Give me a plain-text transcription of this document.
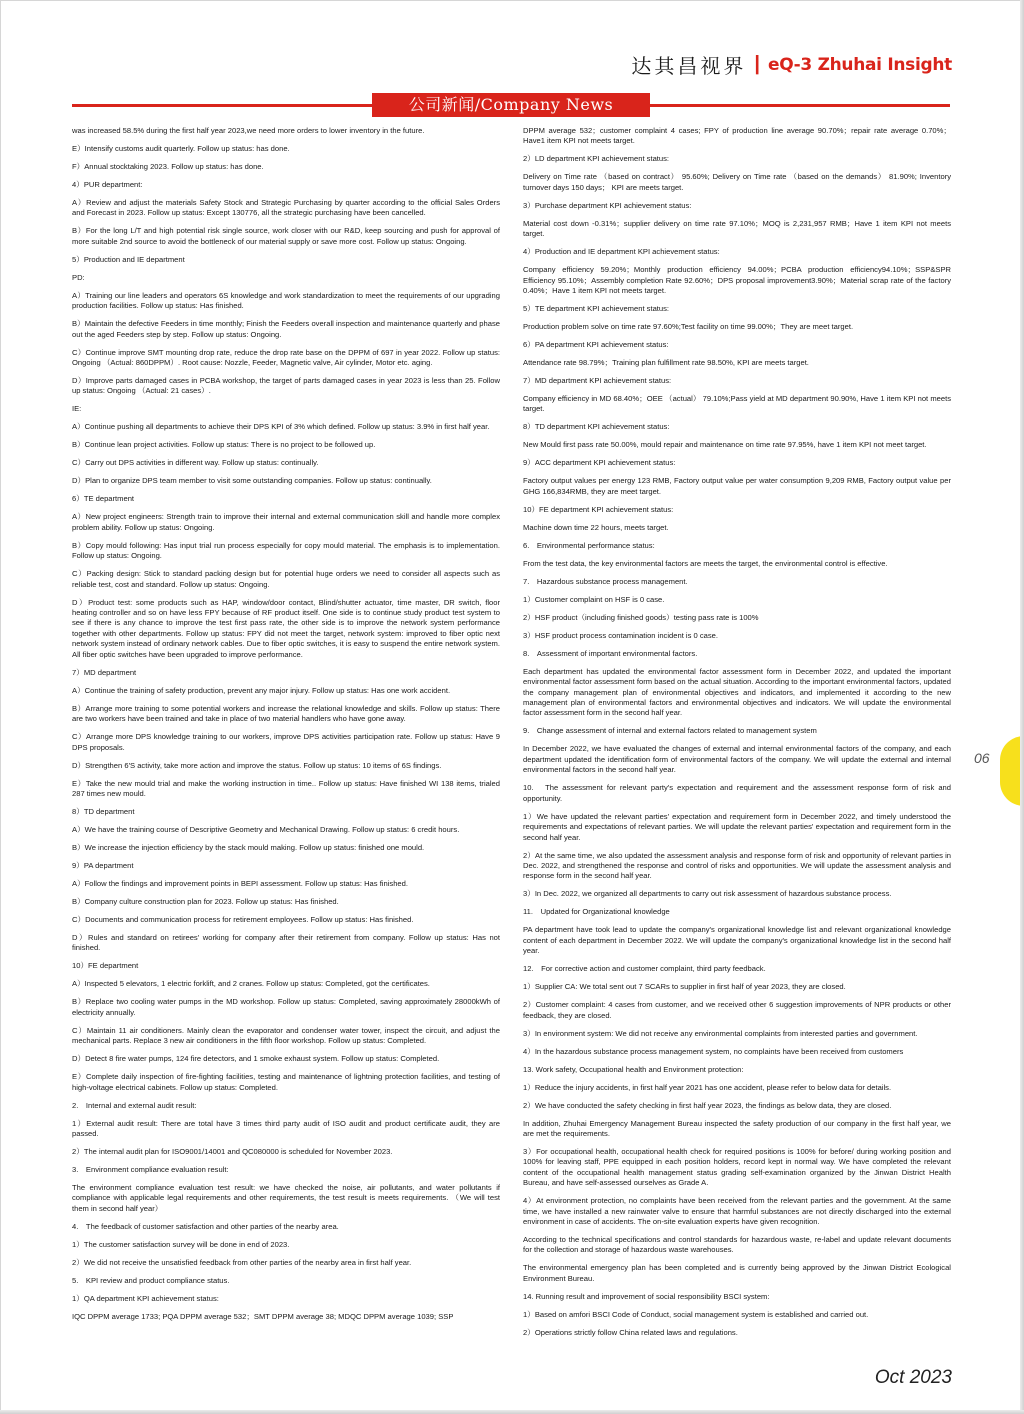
达其昌视界 | eQ-3 Zhuhai Insight
公司新闻/Company News

was increased 58.5% during the first half year 2023,we need more orders to lower inventory in the future.

E）Intensify customs audit quarterly. Follow up status: has done.

F）Annual stocktaking 2023. Follow up status: has done.

4）PUR department:

A）Review and adjust the materials Safety Stock and Strategic Purchasing by quarter according to the official Sales Orders and Forecast in 2023. Follow up status: Except 130776, all the strategic purchasing have been cancelled.

B）For the long L/T and high potential risk single source, work closer with our R&D, keep sourcing and push for approval of more suitable 2nd source to avoid the bottleneck of our material supply or save more cost. Follow up status: Ongoing.

5）Production and IE department

PD:

A）Training our line leaders and operators 6S knowledge and work standardization to meet the requirements of our upgrading production facilities. Follow up status: Has finished.

B）Maintain the defective Feeders in time monthly; Finish the Feeders overall inspection and maintenance quarterly and phase out the aged Feeders step by step. Follow up status: Ongoing.

C）Continue improve SMT mounting drop rate, reduce the drop rate base on the DPPM of 697 in year 2022. Follow up status: Ongoing （Actual: 860DPPM）. Root cause: Nozzle, Feeder, Magnetic valve, Air cylinder, Motor etc. aging.

D）Improve parts damaged cases in PCBA workshop, the target of parts damaged cases in year 2023 is less than 25. Follow up status: Ongoing （Actual: 21 cases）.

IE:

A）Continue pushing all departments to achieve their DPS KPI of 3% which defined. Follow up status: 3.9% in first half year.

B）Continue lean project activities. Follow up status: There is no project to be followed up.

C）Carry out DPS activities in different way. Follow up status: continually.

D）Plan to organize DPS team member to visit some outstanding companies. Follow up status: continually.

6）TE department

A）New project engineers: Strength train to improve their internal and external communication skill and handle more complex problem ability. Follow up status: Ongoing.

B）Copy mould following: Has input trial run process especially for copy mould material. The emphasis is to implementation. Follow up status: Ongoing.

C）Packing design: Stick to standard packing design but for potential huge orders we need to consider all aspects such as reliable test, cost and standard. Follow up status: Ongoing.

D）Product test: some products such as HAP, window/door contact, Blind/shutter actuator, time master, DR switch, floor heating controller and so on have less FPY because of RF product itself. One side is to continue study product test system to see if there is any chance to improve the test first pass rate, the other side is to improve the network system performance together with other departments. Follow up status: FPY did not meet the target, network system: improved to fiber optic next network system instead of ordinary network cables. Due to fiber optic switches, it is easy to suspend the entire network system. All fiber optic switches have been upgraded to improve performance.

7）MD department

A）Continue the training of safety production, prevent any major injury. Follow up status: Has one work accident.

B）Arrange more training to some potential workers and increase the relational knowledge and skills. Follow up status: There are two workers have been trained and take in place of two material handlers who have gone away.

C）Arrange more DPS knowledge training to our workers, improve DPS activities participation rate. Follow up status: Have 9 DPS proposals.

D）Strengthen 6'S activity, take more action and improve the status. Follow up status: 10 items of 6S findings.

E）Take the new mould trial and make the working instruction in time.. Follow up status: Have finished WI 138 items, trialed 287 times new mould.

8）TD department

A）We have the training course of Descriptive Geometry and Mechanical Drawing. Follow up status: 6 credit hours.

B）We increase the injection efficiency by the stack mould making. Follow up status: finished one mould.

9）PA department

A）Follow the findings and improvement points in BEPI assessment. Follow up status: Has finished.

B）Company culture construction plan for 2023. Follow up status: Has finished.

C）Documents and communication process for retirement employees. Follow up status: Has finished.

D）Rules and standard on retirees' working for company after their retirement from company. Follow up status: Has not finished.

10）FE department

A）Inspected 5 elevators, 1 electric forklift, and 2 cranes. Follow up status: Completed, got the certificates.

B）Replace two cooling water pumps in the MD workshop. Follow up status: Completed, saving approximately 28000kWh of electricity annually.

C）Maintain 11 air conditioners. Mainly clean the evaporator and condenser water tower, inspect the circuit, and adjust the mechanical parts. Replace 3 new air conditioners in the fifth floor workshop. Follow up status: Completed.

D）Detect 8 fire water pumps, 124 fire detectors, and 1 smoke exhaust system. Follow up status: Completed.

E）Complete daily inspection of fire-fighting facilities, testing and maintenance of lightning protection facilities, and testing of high-voltage electrical cabinets. Follow up status: Completed.

2.　Internal and external audit result:

1）External audit result: There are total have 3 times third party audit of ISO audit and product certificate audit, they are passed.

2）The internal audit plan for ISO9001/14001 and QC080000 is scheduled for November 2023.

3.　Environment compliance evaluation result:

The environment compliance evaluation test result: we have checked the noise, air pollutants, and water pollutants if compliance with applicable legal requirements and other requirements, the test result is meets requirements. （We will test them in second half year）

4.　The feedback of customer satisfaction and other parties of the nearby area.

1）The customer satisfaction survey will be done in end of 2023.

2）We did not receive the unsatisfied feedback from other parties of the nearby area in first half year.

5.　KPI review and product compliance status.

1）QA department KPI achievement status:

IQC DPPM average 1733; PQA DPPM average 532；SMT DPPM average 38; MDQC DPPM average 1039; SSP

DPPM average 532；customer complaint 4 cases; FPY of production line average 90.70%；repair rate average 0.70%；Have1 item KPI not meets target.

2）LD department KPI achievement status:

Delivery on Time rate （based on contract） 95.60%; Delivery on Time rate （based on the demands） 81.90%; Inventory turnover days 150 days； KPI are meets target.

3）Purchase department KPI achievement status:

Material cost down -0.31%；supplier delivery on time rate 97.10%；MOQ is 2,231,957 RMB；Have 1 item KPI not meets target.

4）Production and IE department KPI achievement status:

Company efficiency 59.20%；Monthly production efficiency 94.00%；PCBA production efficiency94.10%；SSP&SPR Efficiency 95.10%；Assembly completion Rate 92.60%；DPS proposal improvement3.90%；Material scrap rate of the factory 0.40%；Have 1 item KPI not meets target.

5）TE department KPI achievement status:

Production problem solve on time rate 97.60%;Test facility on time 99.00%；They are meet target.

6）PA department KPI achievement status:

Attendance rate 98.79%；Training plan fulfillment rate 98.50%, KPI are meets target.

7）MD department KPI achievement status:

Company efficiency in MD 68.40%；OEE （actual） 79.10%;Pass yield at MD department 90.90%, Have 1 item KPI not meets target.

8）TD department KPI achievement status:

New Mould first pass rate 50.00%, mould repair and maintenance on time rate 97.95%, have 1 item KPI not meet target.

9）ACC department KPI achievement status:

Factory output values per energy 123 RMB, Factory output value per water consumption 9,209 RMB, Factory output value per GHG 166,834RMB, they are meet target.

10）FE department KPI achievement status:

Machine down time 22 hours, meets target.

6.　Environmental performance status:

From the test data, the key environmental factors are meets the target, the environmental control is effective.

7.　Hazardous substance process management.

1）Customer complaint on HSF is 0 case.

2）HSF product（including finished goods）testing pass rate is 100%

3）HSF product process contamination incident is 0 case.

8.　Assessment of important environmental factors.

Each department has updated the environmental factor assessment form in December 2022, and updated the important environmental factor assessment form based on the actual situation. According to the important environmental factors, updated the company management plan of environmental objectives and indicators, and implemented it according to the new management plan of environmental factors and environmental objectives and indicators. We will update the environmental factor assessment form in the second half year.

9.　Change assessment of internal and external factors related to management system

In December 2022, we have evaluated the changes of external and internal environmental factors of the company, and each department updated the identification form of environmental factors of the company. We will update the external and internal environmental factors in the second half year.

10.　The assessment for relevant party's expectation and requirement and the assessment response form of risk and opportunity.

1）We have updated the relevant parties' expectation and requirement form in December 2022, and timely understood the requirements and expectations of relevant parties. We will update the relevant parties' expectation and requirement form in the second half year.

2）At the same time, we also updated the assessment analysis and response form of risk and opportunity of relevant parties in Dec. 2022, and strengthened the response and control of risks and opportunities. We will update the assessment analysis and response form in the second half year.

3）In Dec. 2022, we organized all departments to carry out risk assessment of hazardous substance process.

11.　Updated for Organizational knowledge

PA department have took lead to update the company's organizational knowledge list and relevant organizational knowledge content of each department in December 2022. We will update the company's organizational knowledge list in the second half year.

12.　For corrective action and customer complaint, third party feedback.

1）Supplier CA: We total sent out 7 SCARs to supplier in first half of year 2023, they are closed.

2）Customer complaint: 4 cases from customer, and we received other 6 suggestion improvements of NPR products or other feedback, they are closed.

3）In environment system: We did not receive any environmental complaints from interested parties and government.

4）In the hazardous substance process management system, no complaints have been received from customers

13. Work safety, Occupational health and Environment protection:

1）Reduce the injury accidents, in first half year 2021 has one accident, please refer to below data for details.

2）We have conducted the safety checking in first half year 2023, the findings as below data, they are closed.

In addition, Zhuhai Emergency Management Bureau inspected the safety production of our company in the first half year, we are met the requirements.

3）For occupational health, occupational health check for required positions is 100% for before/ during working position and 100% for leaving staff, PPE equipped in each position holders, record kept in normal way. We have completed the relevant content of the occupational health management status grading self-examination organized by the Jinwan District Health Bureau, and have self-assessed ourselves as Grade A.

4）At environment protection, no complaints have been received from the relevant parties and the government. At the same time, we have installed a new rainwater valve to ensure that harmful substances are not directly discharged into the external environment in case of accidents. The on-site evaluation experts have given recognition.

According to the technical specifications and control standards for hazardous waste, re-label and update relevant documents for the collection and storage of hazardous waste warehouses.

The environmental emergency plan has been completed and is currently being approved by the Jinwan District Ecological Environment Bureau.

14. Running result and improvement of social responsibility BSCI system:

1）Based on amfori BSCI Code of Conduct, social management system is established and carried out.

2）Operations strictly follow China related laws and regulations.

06
Oct 2023
